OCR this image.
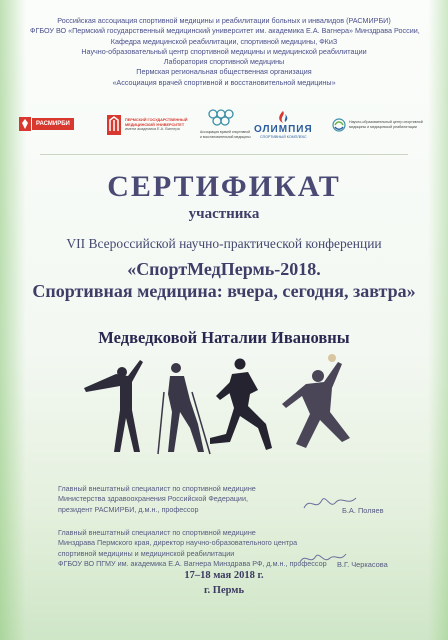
Российская ассоциация спортивной медицины и реабилитации больных и инвалидов (РАСМИРБИ)
ФГБОУ ВО «Пермский государственный медицинский университет им. академика Е.А. Вагнера» Минздрава России,
Кафедра медицинской реабилитации, спортивной медицины, ФКиЗ
Научно-образовательный центр спортивной медицины и медицинской реабилитации
Лаборатория спортивной медицины
Пермская региональная общественная организация
«Ассоциация врачей спортивной и восстановительной медицины»
РАСМИРБИ
ПЕРМСКИЙ ГОСУДАРСТВЕННЫЙ
МЕДИЦИНСКИЙ УНИВЕРСИТЕТ
имени академика Е.А. Вагнера
Ассоциация врачей спортивной
и восстановительной медицины
ОЛИМПИЯ
СПОРТИВНЫЙ КОМПЛЕКС
Научно-образовательный центр спортивной
медицины и медицинской реабилитации
СЕРТИФИКАТ
участника
VII Всероссийской научно-практической конференции
«СпортМедПермь-2018.
Спортивная медицина: вчера, сегодня, завтра»
Медведковой Наталии Ивановны
Главный внештатный специалист по спортивной медицине
Министерства здравоохранения Российской Федерации,
президент РАСМИРБИ, д.м.н., профессор	Б.А. Поляев
Главный внештатный специалист по спортивной медицине
Минздрава Пермского края, директор научно-образовательного центра
спортивной медицины и медицинской реабилитации
ФГБОУ ВО ПГМУ им. академика Е.А. Вагнера Минздрава РФ, д.м.н., профессор В.Г. Черкасова
17–18 мая 2018 г.
г. Пермь
